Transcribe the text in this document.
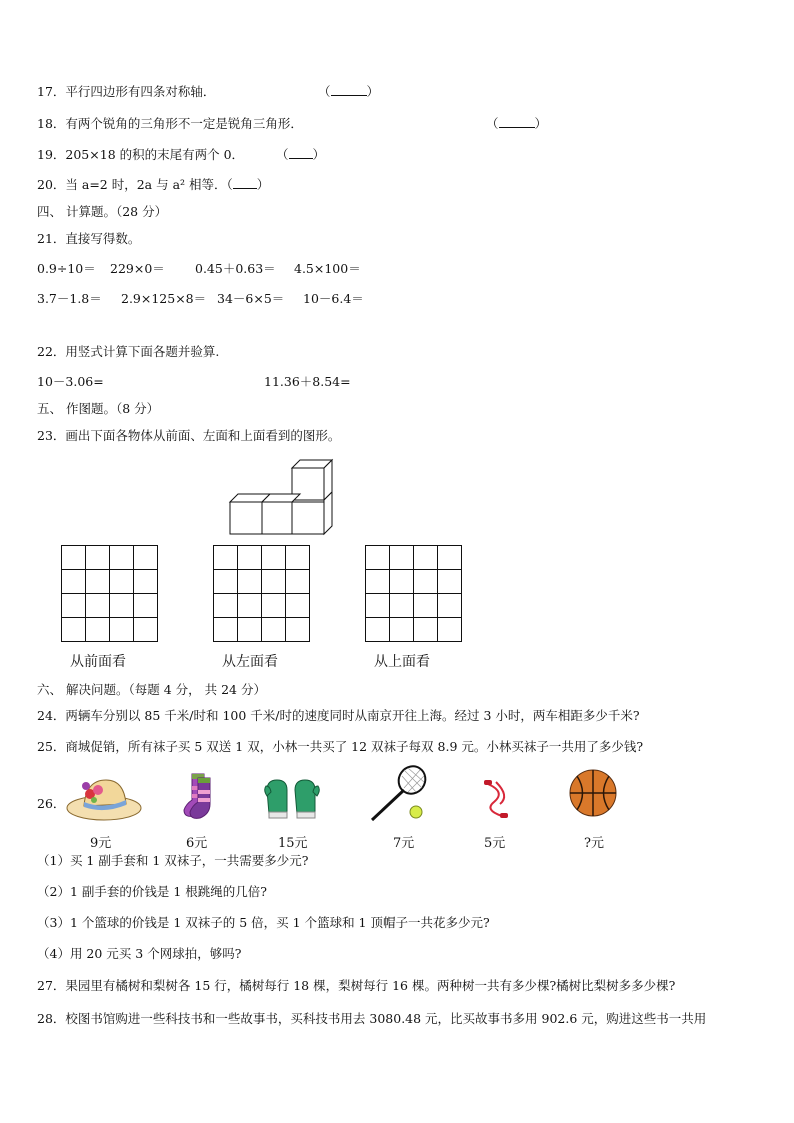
17．平行四边形有四条对称轴．	（	）
18．有两个锐角的三角形不一定是锐角三角形．	（	）
19．205×18 的积的末尾有两个 0．	（ ）
20．当 a=2 时，2a 与 a² 相等．（ ）
四、 计算题。（28 分）
21．直接写得数。
0.9÷10＝ 229×0＝ 0.45＋0.63＝ 4.5×100＝
3.7－1.8＝ 2.9×125×8＝ 34－6×5＝ 10－6.4＝
22．用竖式计算下面各题并验算.
10－3.06=	11.36＋8.54=
五、 作图题。（8 分）
23．画出下面各物体从前面、左面和上面看到的图形。
从前面看	从左面看	从上面看
六、 解决问题。（每题 4 分， 共 24 分）
24．两辆车分别以 85 千米/时和 100 千米/时的速度同时从南京开往上海。经过 3 小时，两车相距多少千米?
25．商城促销，所有袜子买 5 双送 1 双，小林一共买了 12 双袜子每双 8.9 元。小林买袜子一共用了多少钱?
26．
9元	6元	15元	7元	5元	?元
（1）买 1 副手套和 1 双袜子，一共需要多少元?
（2）1 副手套的价钱是 1 根跳绳的几倍?
（3）1 个篮球的价钱是 1 双袜子的 5 倍，买 1 个篮球和 1 顶帽子一共花多少元?
（4）用 20 元买 3 个网球拍，够吗?
27．果园里有橘树和梨树各 15 行，橘树每行 18 棵，梨树每行 16 棵。两种树一共有多少棵?橘树比梨树多多少棵?
28．校图书馆购进一些科技书和一些故事书，买科技书用去 3080.48 元，比买故事书多用 902.6 元，购进这些书一共用
